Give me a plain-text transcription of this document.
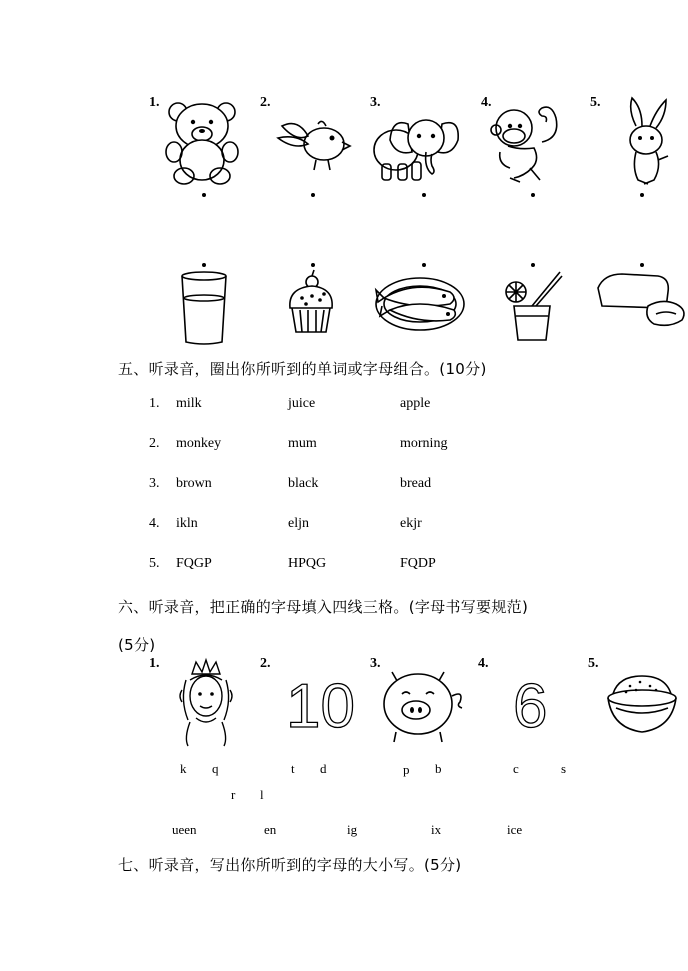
1.	2.	3.	4.	5.
五、听录音，圈出你所听到的单词或字母组合。(10分)
1. milk	juice	apple
2. monkey	mum	morning
3. brown	black	bread
4. ikln	eljn	ekjr
5. FQGP	HPQG	FQDP
六、听录音，把正确的字母填入四线三格。(字母书写要规范)
(5分)
1.	2.	3.	4.	5.
10	6
k q
r l
t d	p b	c	s
ueen	en	ig	ix	ice
七、听录音，写出你所听到的字母的大小写。(5分)
